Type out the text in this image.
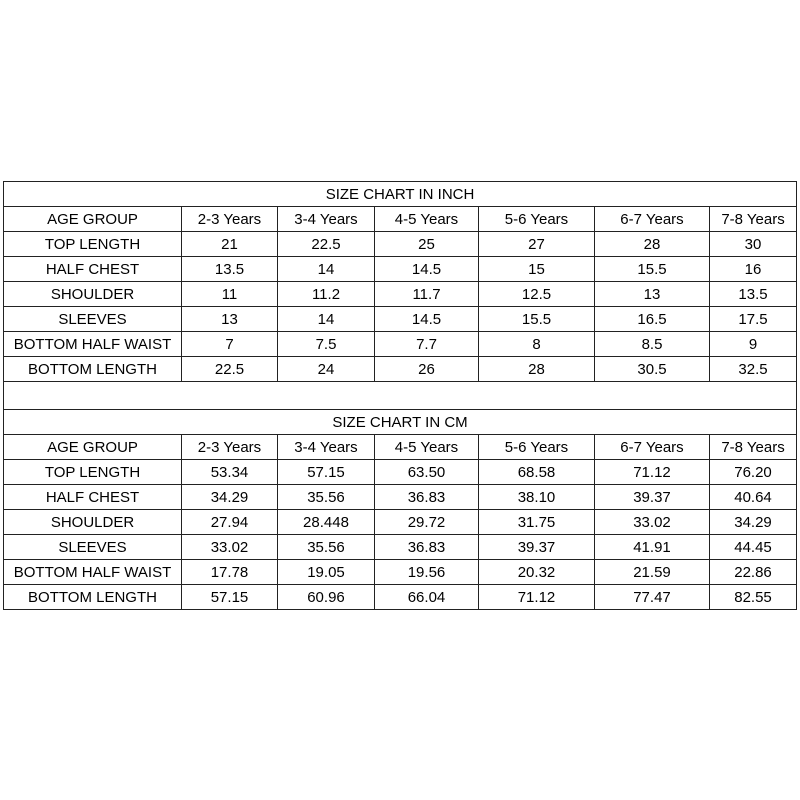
SIZE CHART IN INCH						
AGE GROUP	2-3 Years	3-4 Years	4-5 Years	5-6 Years	6-7 Years	7-8 Years
TOP LENGTH	21	22.5	25	27	28	30
HALF CHEST	13.5	14	14.5	15	15.5	16
SHOULDER	11	11.2	11.7	12.5	13	13.5
SLEEVES	13	14	14.5	15.5	16.5	17.5
BOTTOM HALF WAIST	7	7.5	7.7	8	8.5	9
BOTTOM LENGTH	22.5	24	26	28	30.5	32.5

SIZE CHART IN CM						
AGE GROUP	2-3 Years	3-4 Years	4-5 Years	5-6 Years	6-7 Years	7-8 Years
TOP LENGTH	53.34	57.15	63.50	68.58	71.12	76.20
HALF CHEST	34.29	35.56	36.83	38.10	39.37	40.64
SHOULDER	27.94	28.448	29.72	31.75	33.02	34.29
SLEEVES	33.02	35.56	36.83	39.37	41.91	44.45
BOTTOM HALF WAIST	17.78	19.05	19.56	20.32	21.59	22.86
BOTTOM LENGTH	57.15	60.96	66.04	71.12	77.47	82.55
